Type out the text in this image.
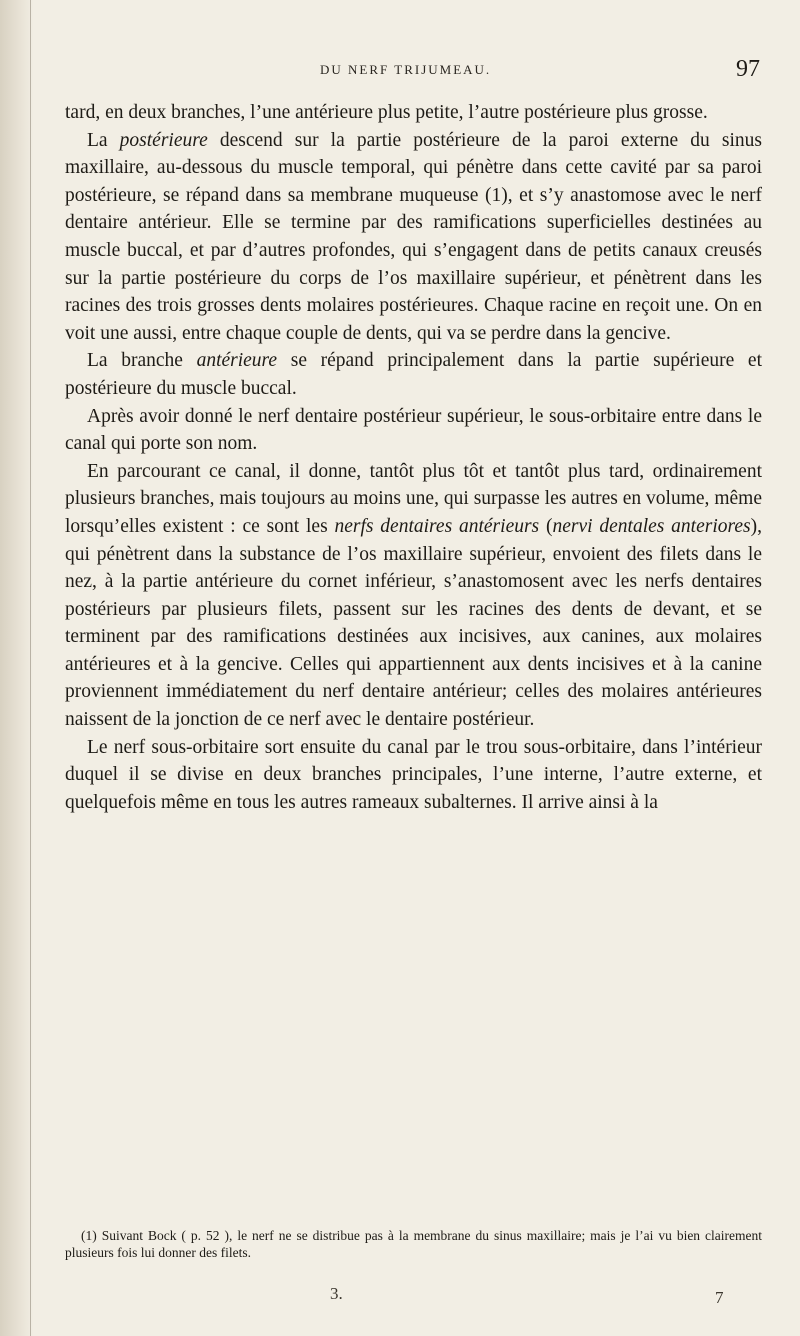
DU NERF TRIJUMEAU.	97

tard, en deux branches, l’une antérieure plus petite, l’autre postérieure plus grosse.

La postérieure descend sur la partie postérieure de la paroi externe du sinus maxillaire, au-dessous du muscle temporal, qui pénètre dans cette cavité par sa paroi postérieure, se répand dans sa membrane muqueuse (1), et s’y anastomose avec le nerf dentaire antérieur. Elle se termine par des ramifications superficielles destinées au muscle buccal, et par d’autres profondes, qui s’engagent dans de petits canaux creusés sur la partie postérieure du corps de l’os maxillaire supérieur, et pénètrent dans les racines des trois grosses dents molaires postérieures. Chaque racine en reçoit une. On en voit une aussi, entre chaque couple de dents, qui va se perdre dans la gencive.

La branche antérieure se répand principalement dans la partie supérieure et postérieure du muscle buccal.

Après avoir donné le nerf dentaire postérieur supérieur, le sous-orbitaire entre dans le canal qui porte son nom.

En parcourant ce canal, il donne, tantôt plus tôt et tantôt plus tard, ordinairement plusieurs branches, mais toujours au moins une, qui surpasse les autres en volume, même lorsqu’elles existent : ce sont les nerfs dentaires antérieurs (nervi dentales anteriores), qui pénètrent dans la substance de l’os maxillaire supérieur, envoient des filets dans le nez, à la partie antérieure du cornet inférieur, s’anastomosent avec les nerfs dentaires postérieurs par plusieurs filets, passent sur les racines des dents de devant, et se terminent par des ramifications destinées aux incisives, aux canines, aux molaires antérieures et à la gencive. Celles qui appartiennent aux dents incisives et à la canine proviennent immédiatement du nerf dentaire antérieur; celles des molaires antérieures naissent de la jonction de ce nerf avec le dentaire postérieur.

Le nerf sous-orbitaire sort ensuite du canal par le trou sous-orbitaire, dans l’intérieur duquel il se divise en deux branches principales, l’une interne, l’autre externe, et quelquefois même en tous les autres rameaux subalternes. Il arrive ainsi à la

(1) Suivant Bock ( p. 52 ), le nerf ne se distribue pas à la membrane du sinus maxillaire; mais je l’ai vu bien clairement plusieurs fois lui donner des filets.

3.	7
